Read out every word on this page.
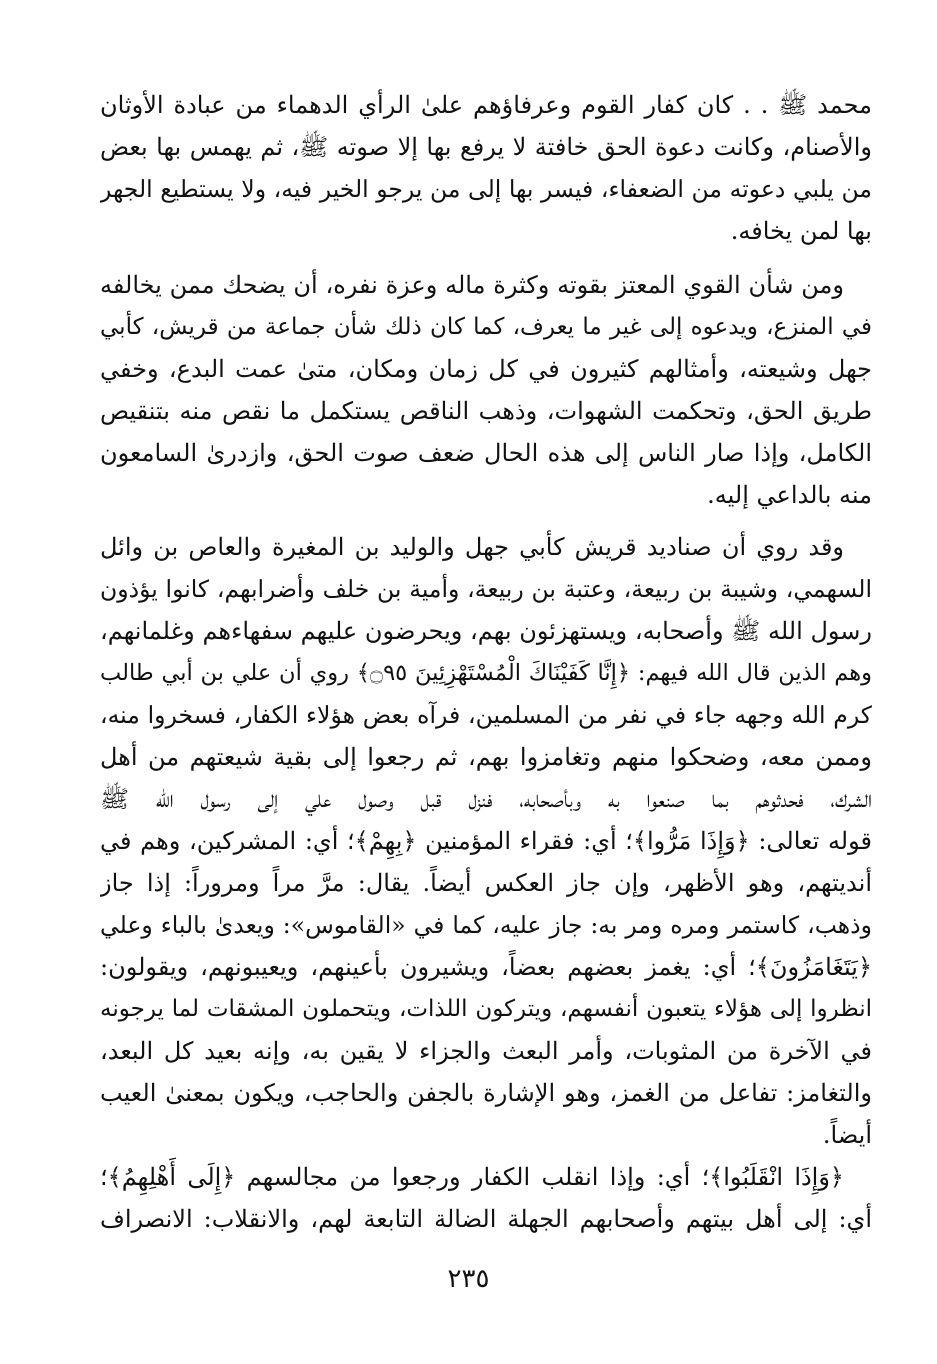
محمد ﷺ . . كان كفار القوم وعرفاؤهم علىٰ الرأي الدهماء من عبادة الأوثان
والأصنام، وكانت دعوة الحق خافتة لا يرفع بها إلا صوته ﷺ، ثم يهمس بها بعض
من يلبي دعوته من الضعفاء، فيسر بها إلى من يرجو الخير فيه، ولا يستطيع الجهر
بها لمن يخافه.
ومن شأن القوي المعتز بقوته وكثرة ماله وعزة نفره، أن يضحك ممن يخالفه
في المنزع، ويدعوه إلى غير ما يعرف، كما كان ذلك شأن جماعة من قريش، كأبي
جهل وشيعته، وأمثالهم كثيرون في كل زمان ومكان، متىٰ عمت البدع، وخفي
طريق الحق، وتحكمت الشهوات، وذهب الناقص يستكمل ما نقص منه بتنقيص
الكامل، وإذا صار الناس إلى هذه الحال ضعف صوت الحق، وازدرىٰ السامعون
منه بالداعي إليه.
وقد روي أن صناديد قريش كأبي جهل والوليد بن المغيرة والعاص بن وائل
السهمي، وشيبة بن ربيعة، وعتبة بن ربيعة، وأمية بن خلف وأضرابهم، كانوا يؤذون
رسول الله ﷺ وأصحابه، ويستهزئون بهم، ويحرضون عليهم سفهاءهم وغلمانهم،
وهم الذين قال الله فيهم: ﴿إِنَّا كَفَيْنَاكَ الْمُسْتَهْزِئِينَ ۝٩٥﴾ روي أن علي بن أبي طالب
كرم الله وجهه جاء في نفر من المسلمين، فرآه بعض هؤلاء الكفار، فسخروا منه،
وممن معه، وضحكوا منهم وتغامزوا بهم، ثم رجعوا إلى بقية شيعتهم من أهل
الشرك، فحدثوهم بما صنعوا به وبأصحابه، فنزل قبل وصول علي إلى رسول الله ﷺ
قوله تعالى: ﴿وَإِذَا مَرُّوا﴾؛ أي: فقراء المؤمنين ﴿بِهِمْ﴾؛ أي: المشركين، وهم في
أنديتهم، وهو الأظهر، وإن جاز العكس أيضاً. يقال: مرَّ مراً ومروراً: إذا جاز
وذهب، كاستمر ومره ومر به: جاز عليه، كما في «القاموس»: ويعدىٰ بالباء وعلي
﴿يَتَغَامَزُونَ﴾؛ أي: يغمز بعضهم بعضاً، ويشيرون بأعينهم، ويعيبونهم، ويقولون:
انظروا إلى هؤلاء يتعبون أنفسهم، ويتركون اللذات، ويتحملون المشقات لما يرجونه
في الآخرة من المثوبات، وأمر البعث والجزاء لا يقين به، وإنه بعيد كل البعد،
والتغامز: تفاعل من الغمز، وهو الإشارة بالجفن والحاجب، ويكون بمعنىٰ العيب
أيضاً.
﴿وَإِذَا انْقَلَبُوا﴾؛ أي: وإذا انقلب الكفار ورجعوا من مجالسهم ﴿إِلَى أَهْلِهِمُ﴾؛
أي: إلى أهل بيتهم وأصحابهم الجهلة الضالة التابعة لهم، والانقلاب: الانصراف
٢٣٥
